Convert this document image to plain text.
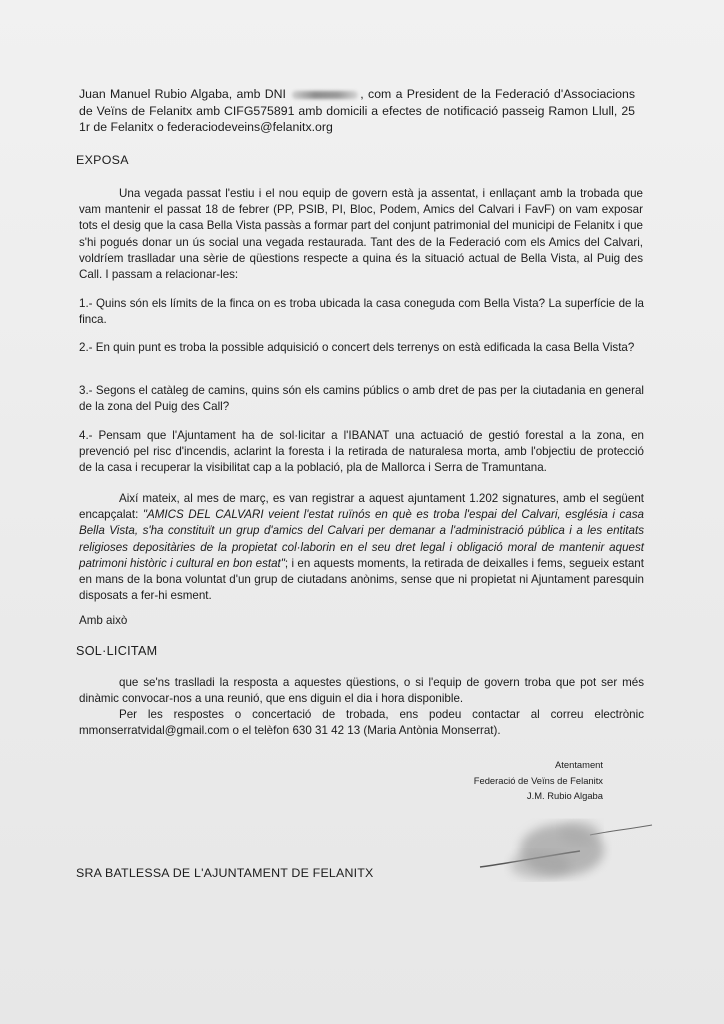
Juan Manuel Rubio Algaba, amb DNI	, com a President de la Federació d'Associacions de Veïns de Felanitx amb CIFG575891 amb domicili a efectes de notificació passeig Ramon Llull, 25 1r de Felanitx o federaciodeveins@felanitx.org
EXPOSA
Una vegada passat l'estiu i el nou equip de govern està ja assentat, i enllaçant amb la trobada que vam mantenir el passat 18 de febrer (PP, PSIB, PI, Bloc, Podem, Amics del Calvari i FavF) on vam exposar tots el desig que la casa Bella Vista passàs a formar part del conjunt patrimonial del municipi de Felanitx i que s'hi pogués donar un ús social una vegada restaurada. Tant des de la Federació com els Amics del Calvari, voldríem traslladar una sèrie de qüestions respecte a quina és la situació actual de Bella Vista, al Puig des Call. I passam a relacionar-les:
1.- Quins són els límits de la finca on es troba ubicada la casa coneguda com Bella Vista? La superfície de la finca.
2.- En quin punt es troba la possible adquisició o concert dels terrenys on està edificada la casa Bella Vista?
3.- Segons el catàleg de camins, quins són els camins públics o amb dret de pas per la ciutadania en general de la zona del Puig des Call?
4.- Pensam que l'Ajuntament ha de sol·licitar a l'IBANAT una actuació de gestió forestal a la zona, en prevenció pel risc d'incendis, aclarint la foresta i la retirada de naturalesa morta, amb l'objectiu de protecció de la casa i recuperar la visibilitat cap a la població, pla de Mallorca i Serra de Tramuntana.
Així mateix, al mes de març, es van registrar a aquest ajuntament 1.202 signatures, amb el següent encapçalat: "AMICS DEL CALVARI veient l'estat ruïnós en què es troba l'espai del Calvari, església i casa Bella Vista, s'ha constituït un grup d'amics del Calvari per demanar a l'administració pública i a les entitats religioses depositàries de la propietat col·laborin en el seu dret legal i obligació moral de mantenir aquest patrimoni històric i cultural en bon estat"; i en aquests moments, la retirada de deixalles i fems, segueix estant en mans de la bona voluntat d'un grup de ciutadans anònims, sense que ni propietat ni Ajuntament paresquin disposats a fer-hi esment.
Amb això
SOL·LICITAM
que se'ns traslladi la resposta a aquestes qüestions, o si l'equip de govern troba que pot ser més dinàmic convocar-nos a una reunió, que ens diguin el dia i hora disponible.
Per les respostes o concertació de trobada, ens podeu contactar al correu electrònic mmonserratvidal@gmail.com o el telèfon 630 31 42 13 (Maria Antònia Monserrat).
Atentament
Federació de Veïns de Felanitx
J.M. Rubio Algaba
SRA BATLESSA DE L'AJUNTAMENT DE FELANITX
